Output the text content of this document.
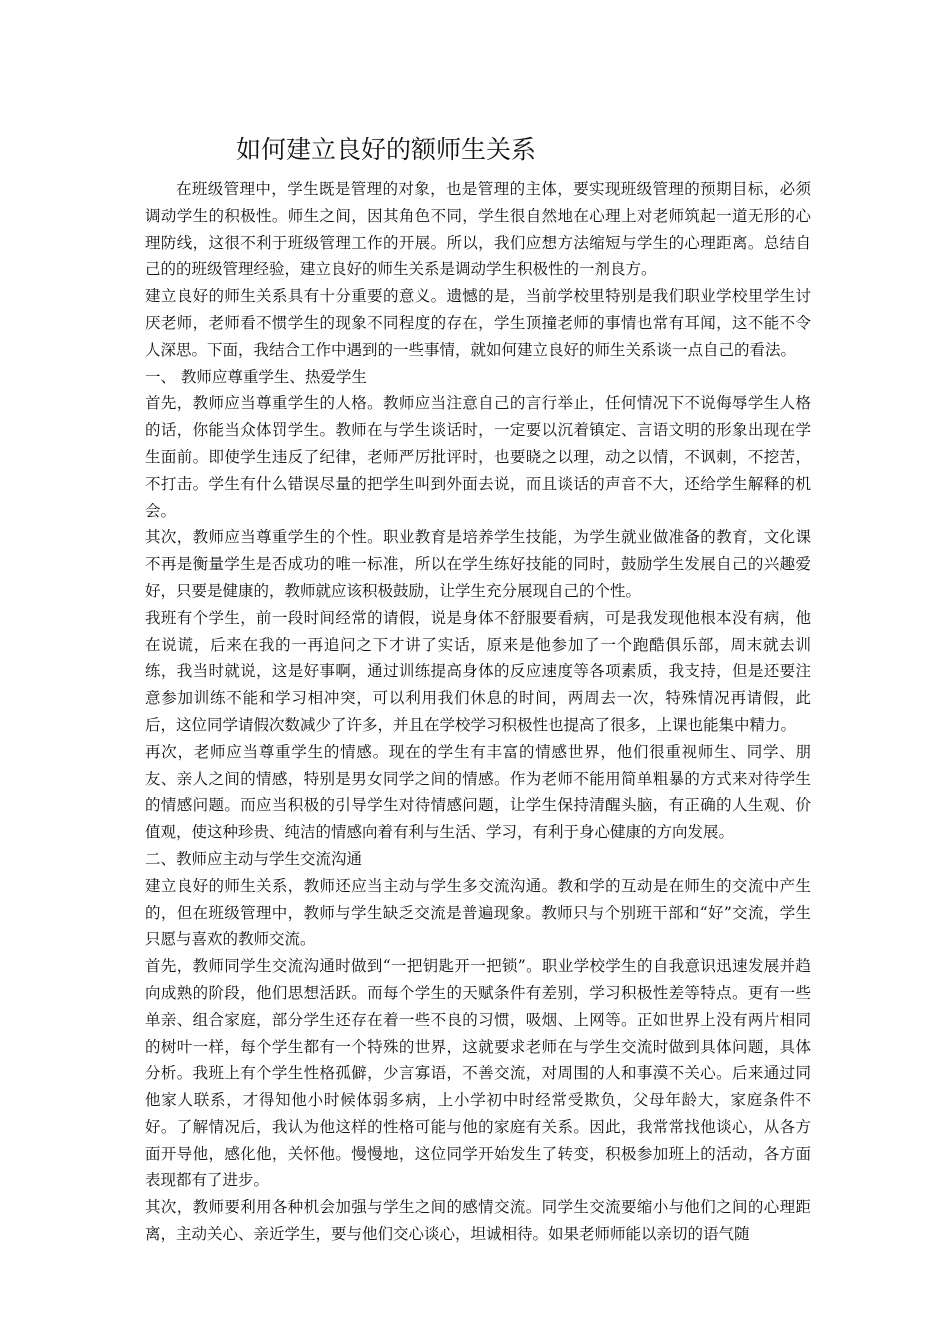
如何建立良好的额师生关系

在班级管理中，学生既是管理的对象，也是管理的主体，要实现班级管理的预期目标，必须调动学生的积极性。师生之间，因其角色不同，学生很自然地在心理上对老师筑起一道无形的心理防线，这很不利于班级管理工作的开展。所以，我们应想方法缩短与学生的心理距离。总结自己的的班级管理经验，建立良好的师生关系是调动学生积极性的一剂良方。

建立良好的师生关系具有十分重要的意义。遗憾的是，当前学校里特别是我们职业学校里学生讨厌老师，老师看不惯学生的现象不同程度的存在，学生顶撞老师的事情也常有耳闻，这不能不令人深思。下面，我结合工作中遇到的一些事情，就如何建立良好的师生关系谈一点自己的看法。

一、 教师应尊重学生、热爱学生

首先，教师应当尊重学生的人格。教师应当注意自己的言行举止，任何情况下不说侮辱学生人格的话，你能当众体罚学生。教师在与学生谈话时，一定要以沉着镇定、言语文明的形象出现在学生面前。即使学生违反了纪律，老师严厉批评时，也要晓之以理，动之以情，不讽刺，不挖苦，不打击。学生有什么错误尽量的把学生叫到外面去说，而且谈话的声音不大，还给学生解释的机会。

其次，教师应当尊重学生的个性。职业教育是培养学生技能，为学生就业做准备的教育，文化课不再是衡量学生是否成功的唯一标准，所以在学生练好技能的同时，鼓励学生发展自己的兴趣爱好，只要是健康的，教师就应该积极鼓励，让学生充分展现自己的个性。

我班有个学生，前一段时间经常的请假，说是身体不舒服要看病，可是我发现他根本没有病，他在说谎，后来在我的一再追问之下才讲了实话，原来是他参加了一个跑酷俱乐部，周末就去训练，我当时就说，这是好事啊，通过训练提高身体的反应速度等各项素质，我支持，但是还要注意参加训练不能和学习相冲突，可以利用我们休息的时间，两周去一次，特殊情况再请假，此后，这位同学请假次数减少了许多，并且在学校学习积极性也提高了很多，上课也能集中精力。

再次，老师应当尊重学生的情感。现在的学生有丰富的情感世界，他们很重视师生、同学、朋友、亲人之间的情感，特别是男女同学之间的情感。作为老师不能用简单粗暴的方式来对待学生的情感问题。而应当积极的引导学生对待情感问题，让学生保持清醒头脑，有正确的人生观、价值观，使这种珍贵、纯洁的情感向着有利与生活、学习，有利于身心健康的方向发展。

二、教师应主动与学生交流沟通

建立良好的师生关系，教师还应当主动与学生多交流沟通。教和学的互动是在师生的交流中产生的，但在班级管理中，教师与学生缺乏交流是普遍现象。教师只与个别班干部和“好”交流，学生只愿与喜欢的教师交流。

首先，教师同学生交流沟通时做到“一把钥匙开一把锁”。职业学校学生的自我意识迅速发展并趋向成熟的阶段，他们思想活跃。而每个学生的天赋条件有差别，学习积极性差等特点。更有一些单亲、组合家庭，部分学生还存在着一些不良的习惯，吸烟、上网等。正如世界上没有两片相同的树叶一样，每个学生都有一个特殊的世界，这就要求老师在与学生交流时做到具体问题，具体分析。我班上有个学生性格孤僻，少言寡语，不善交流，对周围的人和事漠不关心。后来通过同他家人联系，才得知他小时候体弱多病，上小学初中时经常受欺负，父母年龄大，家庭条件不好。了解情况后，我认为他这样的性格可能与他的家庭有关系。因此，我常常找他谈心，从各方面开导他，感化他，关怀他。慢慢地，这位同学开始发生了转变，积极参加班上的活动，各方面表现都有了进步。

其次，教师要利用各种机会加强与学生之间的感情交流。同学生交流要缩小与他们之间的心理距离，主动关心、亲近学生，要与他们交心谈心，坦诚相待。如果老师师能以亲切的语气随
